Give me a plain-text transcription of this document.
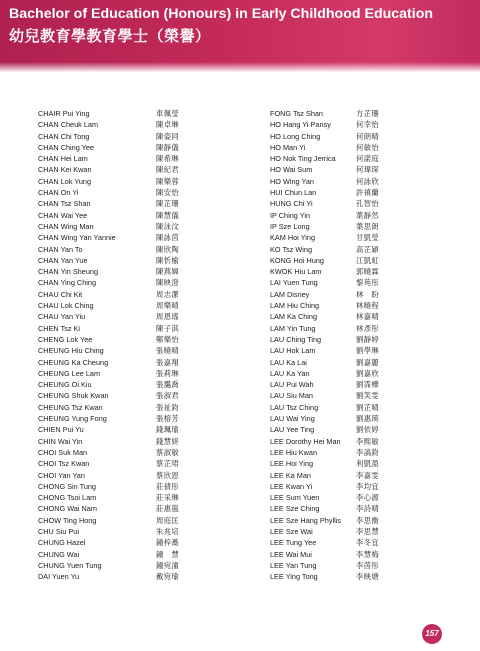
Bachelor of Education (Honours) in Early Childhood Education
幼兒教育學教育學士（榮譽）
CHAIR Pui Ying	車佩瑩
CHAN Cheuk Lam	陳卓琳
CHAN Chi Tong	陳姿同
CHAN Ching Yee	陳靜儀
CHAN Hei Lam	陳希琳
CHAN Kei Kwan	陳紀君
CHAN Lok Yung	陳樂蓉
CHAN On Yi	陳安怡
CHAN Tsz Shan	陳芷珊
CHAN Wai Yee	陳慧儀
CHAN Wing Man	陳泳汶
CHAN Wing Yan Yannie	陳詠茵
CHAN Yan To	陳欣陶
CHAN Yan Yue	陳忻榆
CHAN Yin Sheung	陳燕嫦
CHAN Ying Ching	陳映澄
CHAU Chi Kit	周志潔
CHAU Lok Ching	周樂晴
CHAU Yan Yiu	周恩瑤
CHEN Tsz Ki	陳子淇
CHENG Lok Yee	鄭樂怡
CHEUNG Hiu Ching	張曉晴
CHEUNG Ka Cheung	張嘉翔
CHEUNG Lee Lam	張莉琳
CHEUNG Oi Kiu	張靄喬
CHEUNG Shuk Kwan	張淑君
CHEUNG Tsz Kwan	張祉鈞
CHEUNG Yung Fong	張榕芳
CHIEN Pui Yu	錢珮瑜
CHIN Wai Yin	錢慧妍
CHOI Suk Man	蔡淑敏
CHOI Tsz Kwan	蔡芷珺
CHOI Yan Yan	蔡欣恩
CHONG Sin Tung	莊倩彤
CHONG Tsoi Lam	莊采琳
CHONG Wai Nam	莊惠嵐
CHOW Ting Hong	周庭匡
CHU Siu Pui	朱兆培
CHUNG Hazel	鍾梓蕎
CHUNG Wai	鍾　慧
CHUNG Yuen Tung	鍾宛潼
DAI Yuen Yu	戴宛瑜
FONG Tsz Shan	方芷珊
HO Hang Yi Pansy	何幸怡
HO Long Ching	何朗晴
HO Man Yi	何敏怡
HO Nok Ting Jerrica	何諾庭
HO Wai Sum	何瑋琛
HO Wing Yan	何詠欣
HUI Chun Lan	許禛蘭
HUNG Chi Yi	孔智怡
IP Ching Yin	葉靜然
IP Sze Long	葉思朗
KAM Hoi Ying	甘凱瑩
KO Tsz Wing	高芷穎
KONG Hoi Hung	江凱虹
KWOK Hiu Lam	郭曉霖
LAI Yuen Tung	黎苑彤
LAM Disney	林　盼
LAM Hiu Ching	林曉程
LAM Ka Ching	林嘉晴
LAM Yin Tung	林彥彤
LAU Ching Ting	劉靜婷
LAU Hok Lam	劉學琳
LAU Ka Lai	劉嘉麗
LAU Ka Yan	劉嘉欣
LAU Pui Wah	劉霈樺
LAU Siu Man	劉笑雯
LAU Tsz Ching	劉芷晴
LAU Wai Ying	劉惠瑛
LAU Yee Ting	劉依婷
LEE Dorothy Hei Man 李熙敏
LEE Hiu Kwan	李滈鈞
LEE Hoi Ying	利凱盈
LEE Ka Man	李嘉雯
LEE Kwan Yi	李均宜
LEE Sum Yuen	李心源
LEE Sze Ching	李詩晴
LEE Sze Hang Phyllis 李思衡
LEE Sze Wai	李思慧
LEE Tung Yee	李冬宜
LEE Wai Mui	李慧梅
LEE Yan Tung	李茵彤
LEE Ying Tong	李映塘
157
